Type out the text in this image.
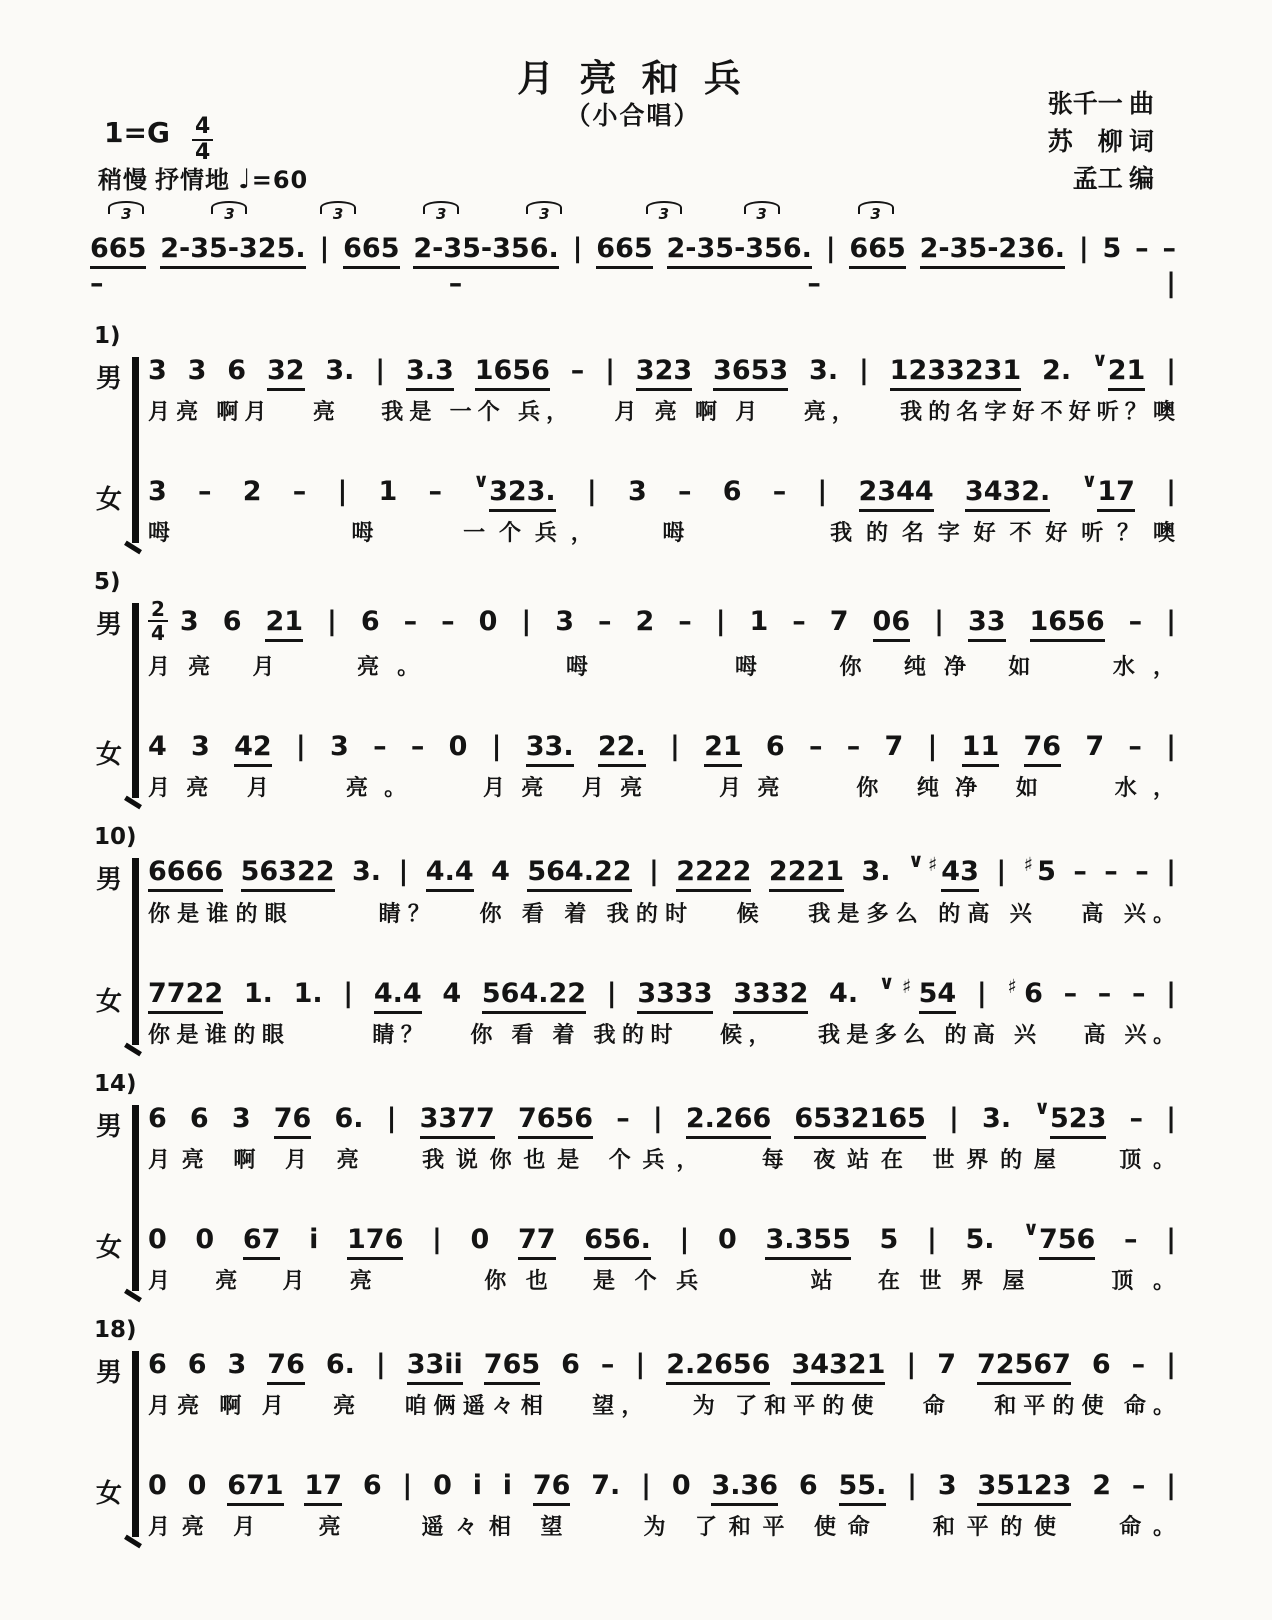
月 亮 和 兵
（小合唱）	张千一 曲
苏　柳 词
孟工 编
1=G 4
4
稍慢 抒情地 ♩=60
3	3	3	3	3	3	3	3
665 2-35-325. | 665 2-35-356. | 665 2-35-356. | 665 2-35-236. | 5 – – – – – |
1)
男 3 3 6 32 3. | 3.3 1656 – | 323 3653 3. | 1233231 2. ∨21 |
月亮 啊月 　亮 　我是 一个 兵， 　月 亮 啊 月 　亮， 　我的名字好不好听？噢
女 3 – 2 – | 1 – ∨323. | 3 – 6 – | 2344 3432. ∨17 |
呣 　 　 　呣 　 一个兵， 　呣 　 　 我的名字好不好听？噢
5)
男
2
4 3 6 21 | 6 – – 0 | 3 – 2 – | 1 – 7 06 | 33 1656 – |
月亮 月 　亮。 　 　呣 　 　呣 　你 纯净 如 　水，
女 4 3 42 | 3 – – 0 | 33. 22. | 21 6 – – 7 | 11 76 7 – |
月亮 月 　亮。 　月亮 月亮 　月亮 　你 纯净 如 　水，
10)
男 6666 56322 3. | 4.4 4 564.22 | 2222 2221 3. ∨♯43 | ♯5 – – – |
你是谁的眼 　 　睛？ 　你 看 着 我的时 　候 　我是多么 的高 兴 　高 兴。
女 7722 1. 1. | 4.4 4 564.22 | 3333 3332 4. ∨♯54 | ♯6 – – – |
你是谁的眼 　 　睛？ 　你 看 着 我的时 　候， 　我是多么 的高 兴 　高 兴。
14)
男 6 6 3 76 6. | 3377 7656 – | 2.266 6532165 | 3. ∨523 – |
月亮 啊 月 亮 　我说你也是 个兵， 　每 夜站在 世界的屋 　顶。
女 0 0 67 i 176 | 0 77 656. | 0 3.355 5 | 5. ∨756 – |
月 亮 月 亮 　 你也 是个兵 　 站 在世界屋 　顶。
18)
男 6 6 3 76 6. | 33ii 765 6 – | 2.2656 34321 | 7 72567 6 – |
月亮 啊 月 　亮 　咱俩遥々相 　望， 　为 了和平的使 　命 　和平的使 命。
女 0 0 671 17 6 | 0 i i 76 7. | 0 3.36 6 55. | 3 35123 2 – |
月亮 月 　亮 　 遥々相 望 　 为 了和平 使命 　和平的使 　命。
